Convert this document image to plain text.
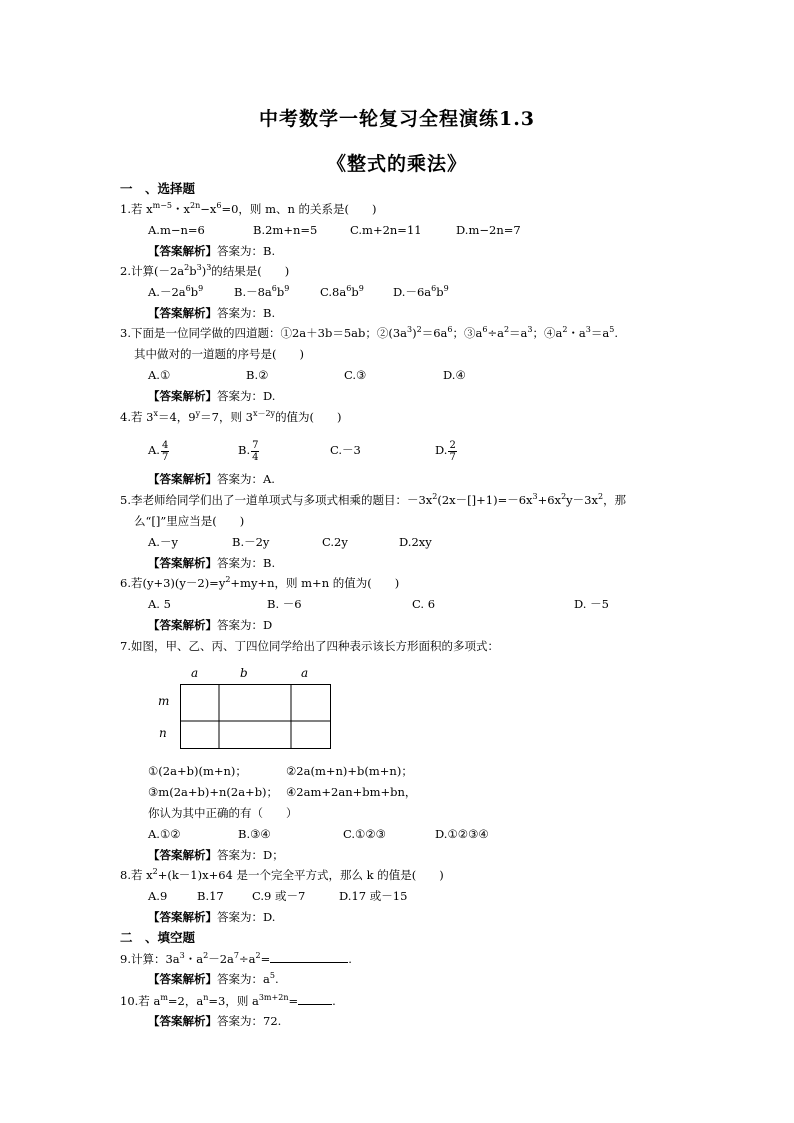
中考数学一轮复习全程演练1.3
《整式的乘法》
一　、选择题
1.若 $x^{m-5}$・$x^{2n}-x^6=0$，则 m、n 的关系是(　　)
A.m−n=6	B.2m+n=5	C.m+2n=11	D.m−2n=7
【答案解析】答案为：B.
2.计算$(-2a^2b^3)^3$的结果是(　　)
$A.-2a^6b^9$	$B.-8a^6b^9$	$C.8a^6b^9$	$D.-6a^6b^9$
【答案解析】答案为：B.
3.下面是一位同学做的四道题：①2a＋3b＝5ab；$②(3a^3)^2=6a^6$；$③a^6\div a^2=a^3$；$④a^2$・$a^3=a^5$.
其中做对的一道题的序号是(　　)
A.①	B.②	C.③	D.④
【答案解析】答案为：D.
4.若 $3^x=4$，$9^y=7$，则 $3^{x-2y}$的值为(　　)
A. $\frac{4}{7}$	B. $\frac{7}{4}$	C.－3	D. $\frac{2}{7}$
【答案解析】答案为：A.
5.李老师给同学们出了一道单项式与多项式相乘的题目：$-3x^2(2x-[]+1)=-6x^3+6x^2y-3x^2$，那
么“[]”里应当是(　　)
A.－y	B.－2y	C.2y	D.2xy
【答案解析】答案为：B.
6.若$(y+3)(y-2)=y^2+my+n$，则 m+n 的值为(　　)
A. 5	B. －6	C. 6	D. －5
【答案解析】答案为：D
7.如图，甲、乙、丙、丁四位同学给出了四种表示该长方形面积的多项式：
a	b	a
m
n
①(2a+b)(m+n)；	②2a(m+n)+b(m+n)；
③m(2a+b)+n(2a+b)； ④2am+2an+bm+bn，
你认为其中正确的有（　　）
A.①②	B.③④	C.①②③	D.①②③④
【答案解析】答案为：D；
8.若 $x^2+(k-1)x+64$ 是一个完全平方式，那么 k 的值是(　　)
A.9	B.17 C.9 或－7	D.17 或－15
【答案解析】答案为：D.
二　、填空题
9.计算：$3a^3$・$a^2-2a^7\div a^2=$	.
【答案解析】答案为：$a^5$.
10.若 $a^m=2$，$a^n=3$，则 $a^{3m+2n}=$	.
【答案解析】答案为：72.
